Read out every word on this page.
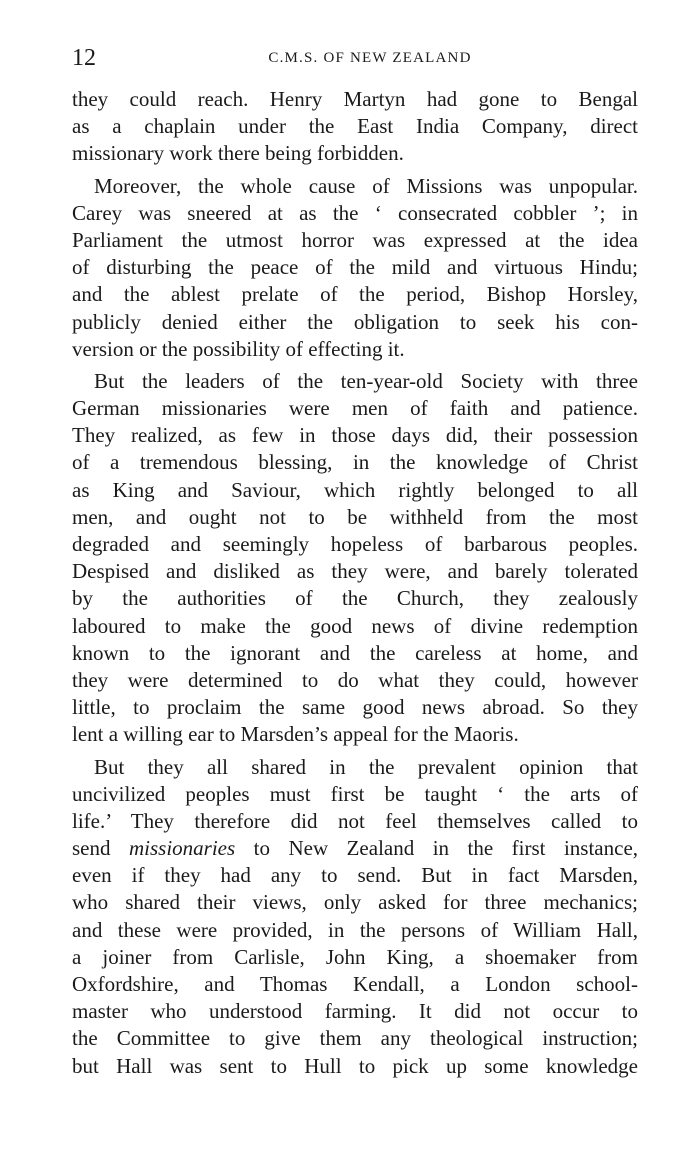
12	C.M.S. OF NEW ZEALAND

they could reach. Henry Martyn had gone to Bengal
as a chaplain under the East India Company, direct
missionary work there being forbidden.

Moreover, the whole cause of Missions was unpopular.
Carey was sneered at as the ‘ consecrated cobbler ’; in
Parliament the utmost horror was expressed at the idea
of disturbing the peace of the mild and virtuous Hindu;
and the ablest prelate of the period, Bishop Horsley,
publicly denied either the obligation to seek his con-
version or the possibility of effecting it.

But the leaders of the ten-year-old Society with three
German missionaries were men of faith and patience.
They realized, as few in those days did, their possession
of a tremendous blessing, in the knowledge of Christ
as King and Saviour, which rightly belonged to all
men, and ought not to be withheld from the most
degraded and seemingly hopeless of barbarous peoples.
Despised and disliked as they were, and barely tolerated
by the authorities of the Church, they zealously
laboured to make the good news of divine redemption
known to the ignorant and the careless at home, and
they were determined to do what they could, however
little, to proclaim the same good news abroad. So they
lent a willing ear to Marsden’s appeal for the Maoris.

But they all shared in the prevalent opinion that
uncivilized peoples must first be taught ‘ the arts of
life.’ They therefore did not feel themselves called to
send missionaries to New Zealand in the first instance,
even if they had any to send. But in fact Marsden,
who shared their views, only asked for three mechanics;
and these were provided, in the persons of William Hall,
a joiner from Carlisle, John King, a shoemaker from
Oxfordshire, and Thomas Kendall, a London school-
master who understood farming. It did not occur to
the Committee to give them any theological instruction;
but Hall was sent to Hull to pick up some knowledge
